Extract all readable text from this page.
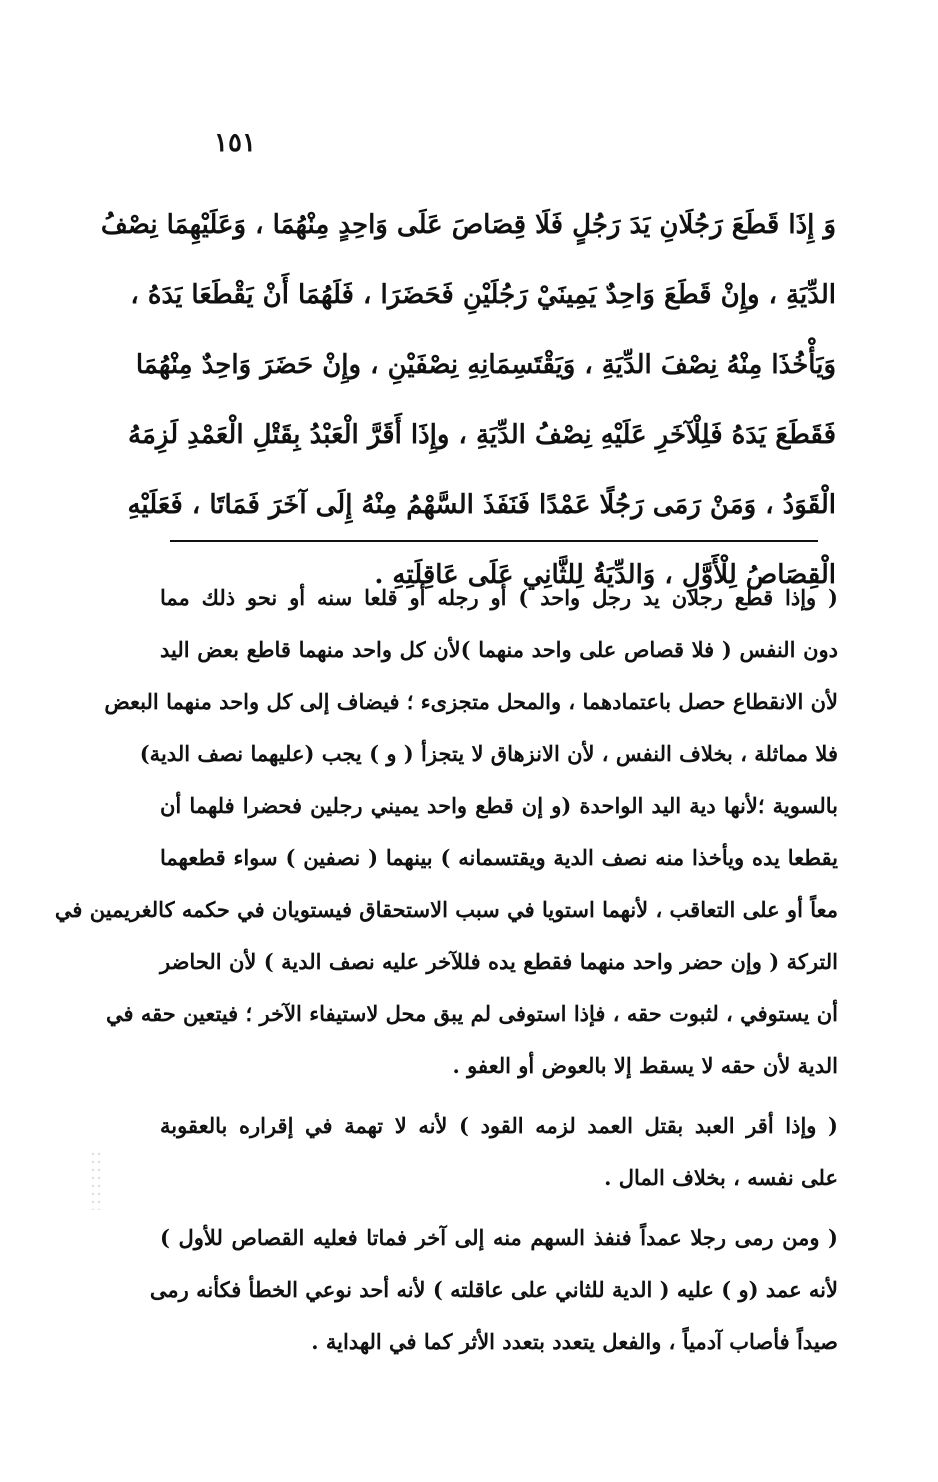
١٥١
وَ إِذَا قَطَعَ رَجُلَانِ يَدَ رَجُلٍ فَلَا قِصَاصَ عَلَى وَاحِدٍ مِنْهُمَا ، وَعَلَيْهِمَا نِصْفُ
الدِّيَةِ ، وإِنْ قَطَعَ وَاحِدٌ يَمِينَيْ رَجُلَيْنِ فَحَضَرَا ، فَلَهُمَا أَنْ يَقْطَعَا يَدَهُ ،
وَيَأْخُذَا مِنْهُ نِصْفَ الدِّيَةِ ، وَيَقْتَسِمَانِهِ نِصْفَيْنِ ، وإِنْ حَضَرَ وَاحِدٌ مِنْهُمَا
فَقَطَعَ يَدَهُ فَلِلْآخَرِ عَلَيْهِ نِصْفُ الدِّيَةِ ، وإِذَا أَقَرَّ الْعَبْدُ بِقَتْلِ الْعَمْدِ لَزِمَهُ
الْقَوَدُ ، وَمَنْ رَمَى رَجُلًا عَمْدًا فَنَفَذَ السَّهْمُ مِنْهُ إِلَى آخَرَ فَمَاتَا ، فَعَلَيْهِ
الْقِصَاصُ لِلْأَوَّلِ ، وَالدِّيَةُ لِلثَّانِي عَلَى عَاقِلَتِهِ .
( وإذا قطع رجلان يد رجل واحد ) أو رجله أو قلعا سنه أو نحو ذلك مما
دون النفس ( فلا قصاص على واحد منهما )لأن كل واحد منهما قاطع بعض اليد
لأن الانقطاع حصل باعتمادهما ، والمحل متجزىء ؛ فيضاف إلى كل واحد منهما البعض
فلا مماثلة ، بخلاف النفس ، لأن الانزهاق لا يتجزأ ( و ) يجب (عليهما نصف الدية)
بالسوية ؛لأنها دية اليد الواحدة (و إن قطع واحد يميني رجلين فحضرا فلهما أن
يقطعا يده ويأخذا منه نصف الدية ويقتسمانه ) بينهما ( نصفين ) سواء قطعهما
معاً أو على التعاقب ، لأنهما استويا في سبب الاستحقاق فيستويان في حكمه كالغريمين في
التركة ( وإن حضر واحد منهما فقطع يده فللآخر عليه نصف الدية ) لأن الحاضر
أن يستوفي ، لثبوت حقه ، فإذا استوفى لم يبق محل لاستيفاء الآخر ؛ فيتعين حقه في
الدية لأن حقه لا يسقط إلا بالعوض أو العفو .
( وإذا أقر العبد بقتل العمد لزمه القود ) لأنه لا تهمة في إقراره بالعقوبة
على نفسه ، بخلاف المال .
( ومن رمى رجلا عمداً فنفذ السهم منه إلى آخر فماتا فعليه القصاص للأول )
لأنه عمد (و ) عليه ( الدية للثاني على عاقلته ) لأنه أحد نوعي الخطأ فكأنه رمى
صيداً فأصاب آدمياً ، والفعل يتعدد بتعدد الأثر كما في الهداية .
